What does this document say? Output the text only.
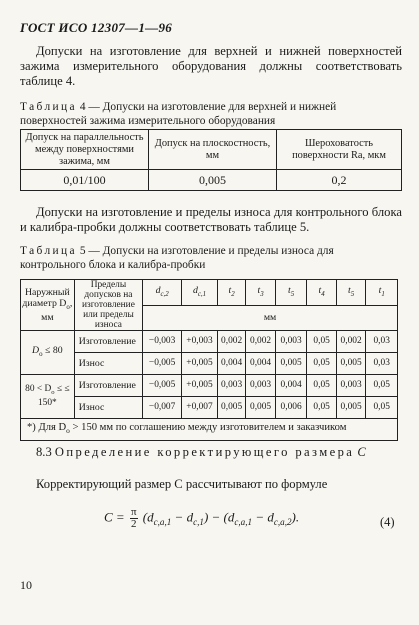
ГОСТ ИСО 12307—1—96
Допуски на изготовление для верхней и нижней поверхностей зажима измерительного оборудования должны соответствовать таблице 4.
Таблица 4 — Допуски на изготовление для верхней и нижней поверхностей зажима измерительного оборудования
Допуск на параллельность между поверхностями зажима, мм	Допуск на плоскостность, мм	Шероховатость поверхности Ra, мкм
0,01/100	0,005	0,2
Допуски на изготовление и пределы износа для контрольного блока и калибра-пробки должны соответствовать таблице 5.
Таблица 5 — Допуски на изготовление и пределы износа для контрольного блока и калибра-пробки
Наружный диаметр $D_о$, мм	Пределы допусков на изготовление или пределы износа	$d_{c,2}$	$d_{c,1}$	$t_2$	$t_3$	$t_5$	$t_4$	$t_5$	$t_1$
		мм							
$D_о \le 80$	Изготовление	−0,003	+0,003	0,002	0,002	0,003	0,05	0,002	0,03
	Износ	−0,005	+0,005	0,004	0,004	0,005	0,05	0,005	0,03
$80 < D_о$ ≤ ≤ 150*	Изготовление	−0,005	+0,005	0,003	0,003	0,004	0,05	0,003	0,05
	Износ	−0,007	+0,007	0,005	0,005	0,006	0,05	0,005	0,05
*) Для $D_о > 150$ мм по соглашению между изготовителем и заказчиком									
8.3 Определение корректирующего размера C
Корректирующий размер C рассчитывают по формуле
$C = \frac{\pi}{2} (d_{c,a,1} - d_{c,1}) - (d_{c,a,1} - d_{c,a,2})$.	(4)
10
